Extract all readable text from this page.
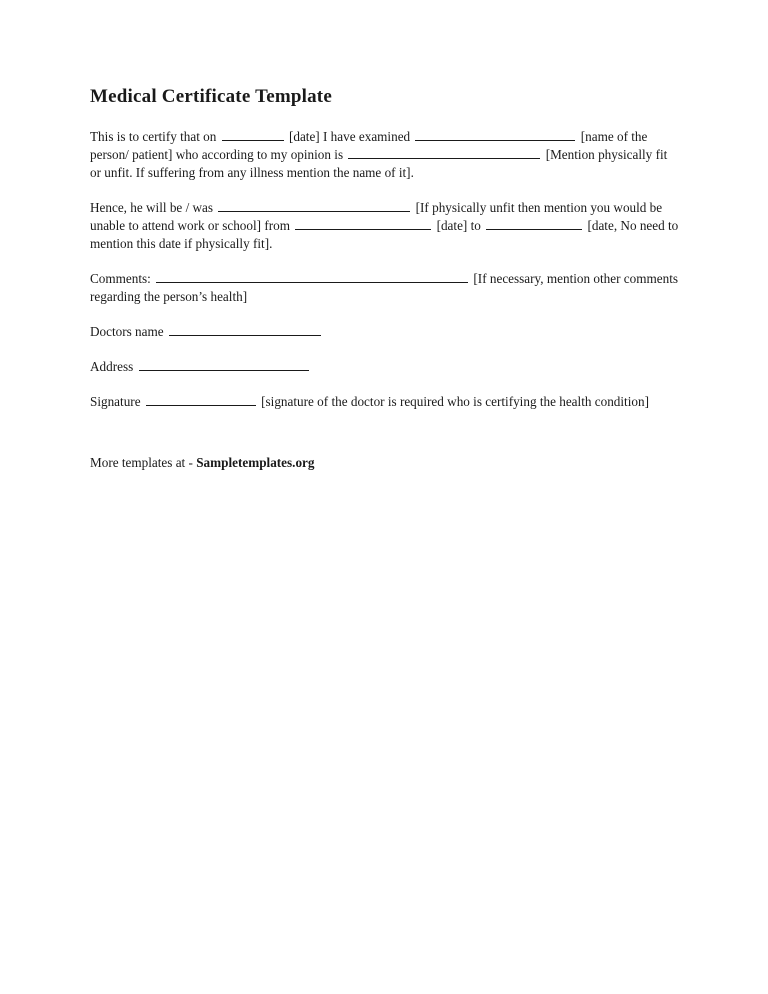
Medical Certificate Template

This is to certify that on	[date] I have examined	[name of the person/ patient] who according to my opinion is	[Mention physically fit or unfit. If suffering from any illness mention the name of it].

Hence, he will be / was	[If physically unfit then mention you would be unable to attend work or school] from	[date] to	[date, No need to mention this date if physically fit].

Comments:	[If necessary, mention other comments regarding the person’s health]

Doctors name

Address

Signature	[signature of the doctor is required who is certifying the health condition]

More templates at - Sampletemplates.org
